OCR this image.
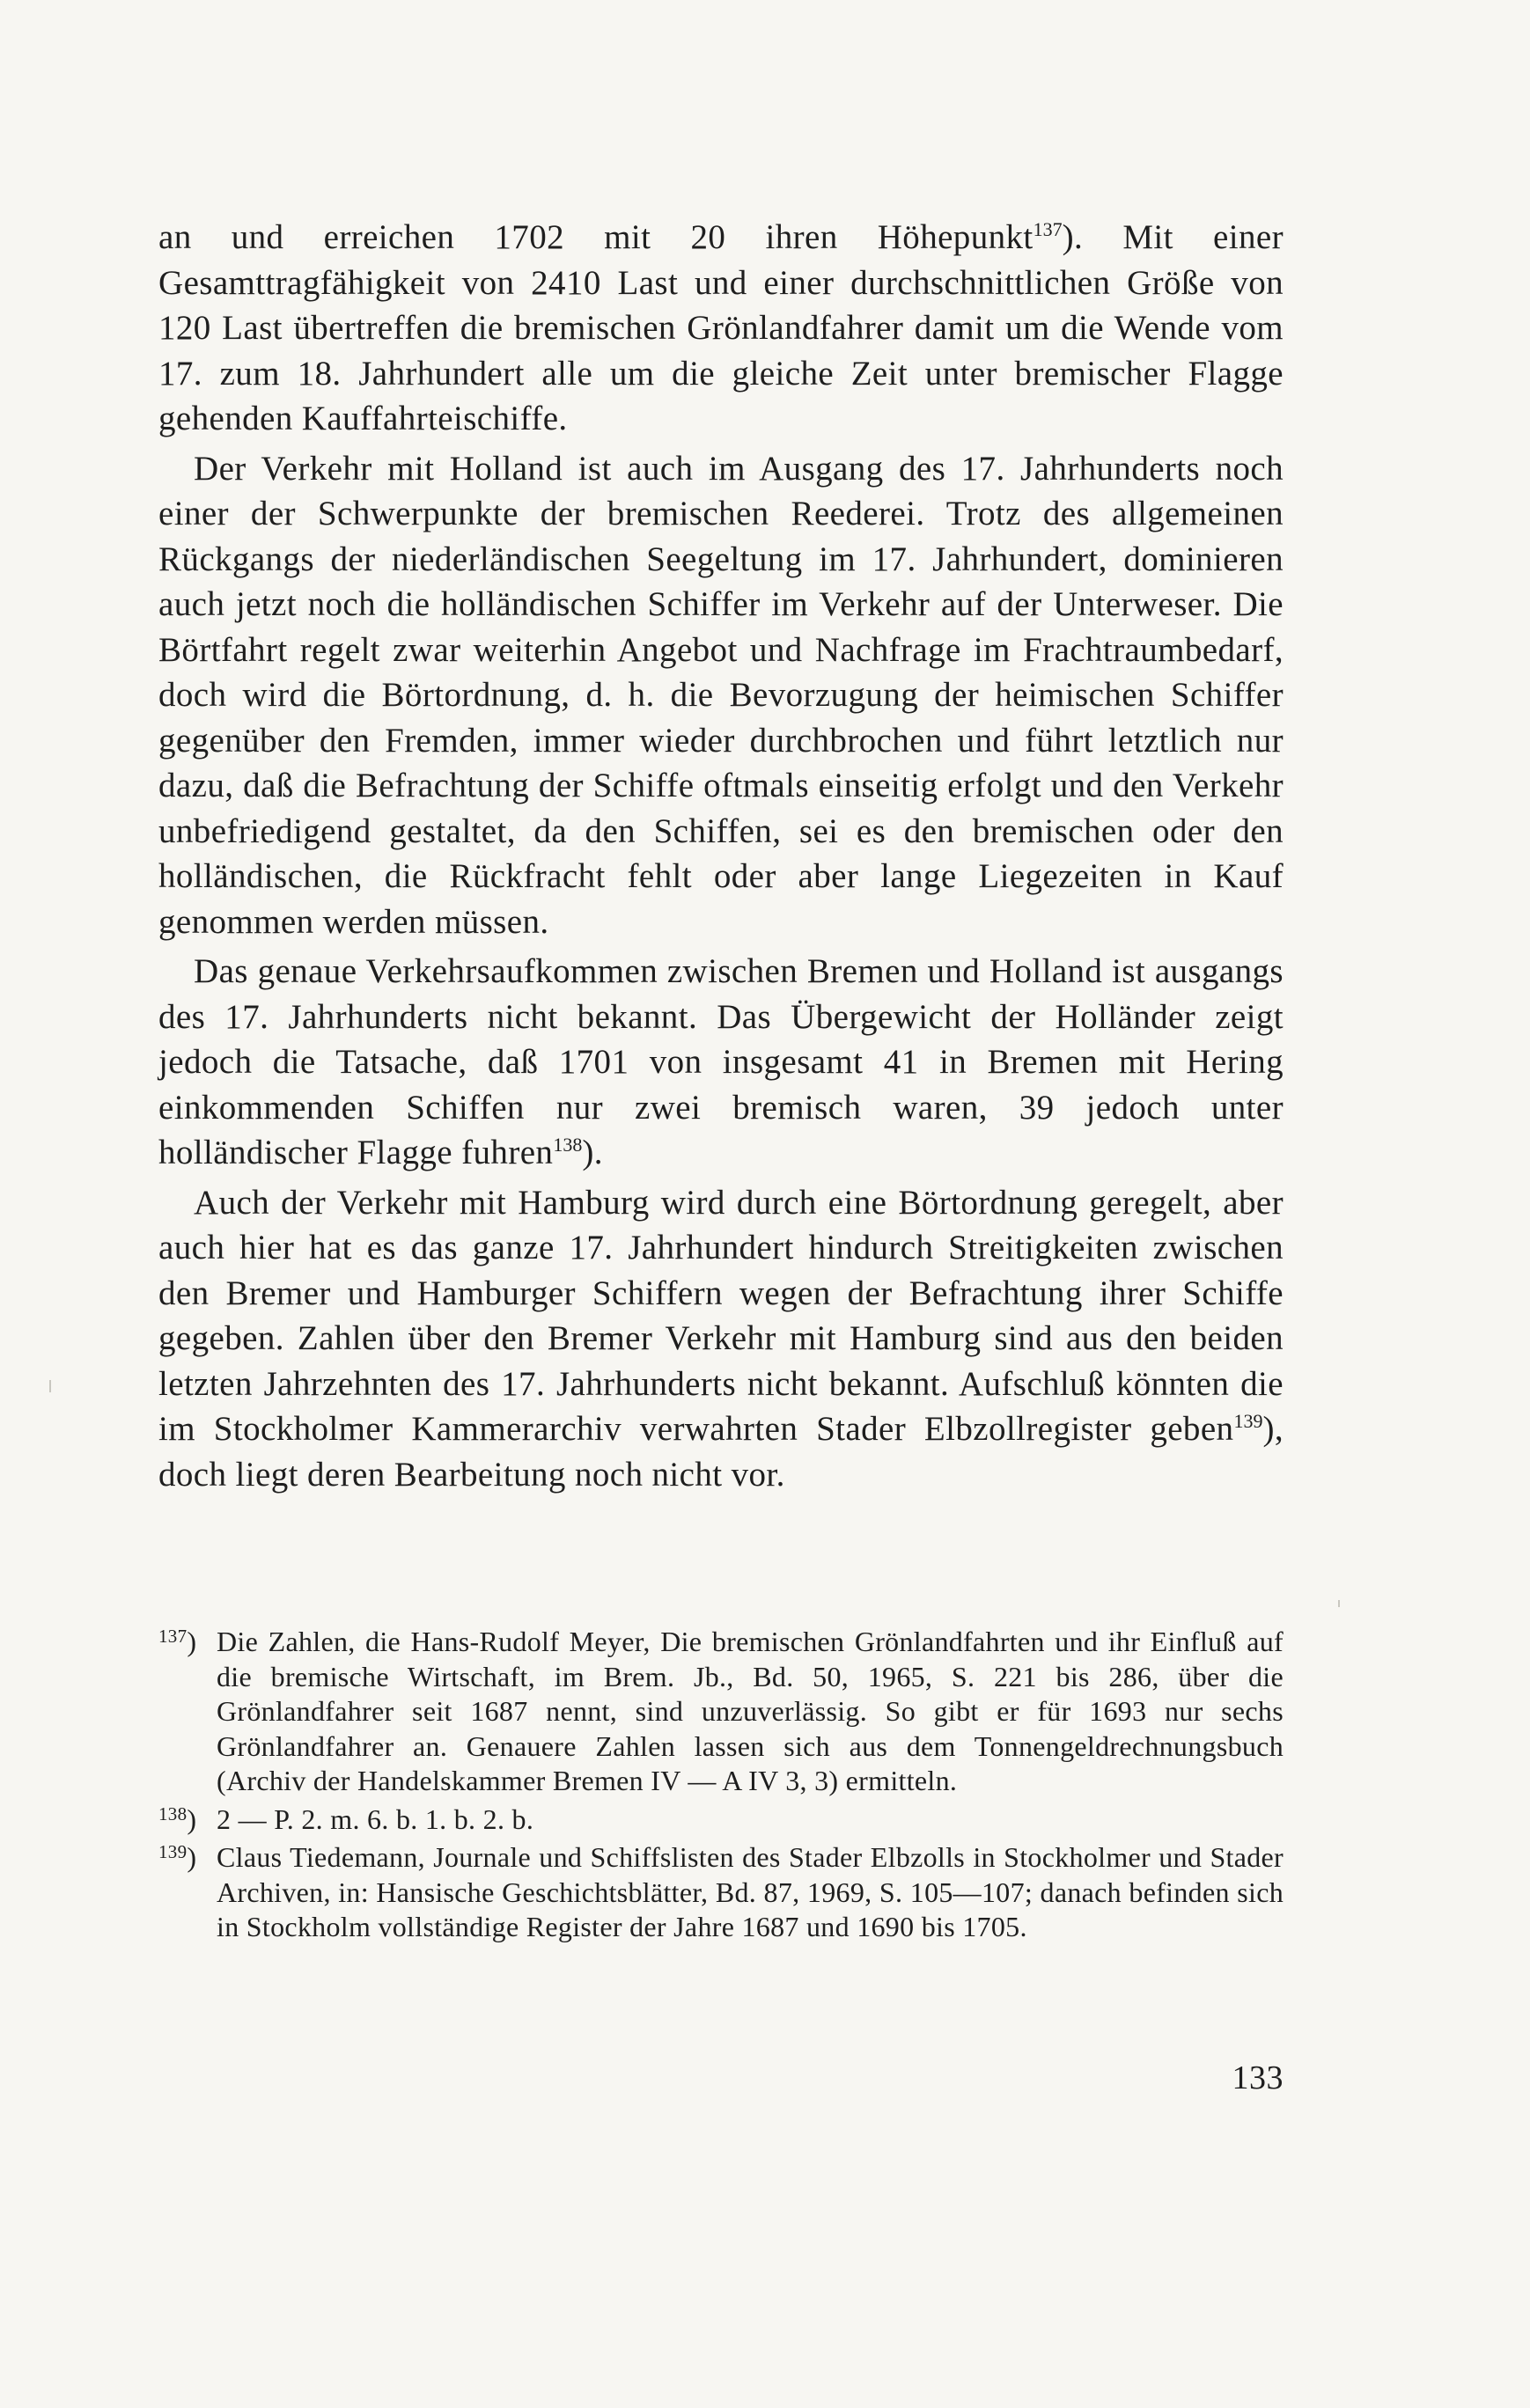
an und erreichen 1702 mit 20 ihren Höhepunkt$^{137}$). Mit einer Gesamttragfähigkeit von 2410 Last und einer durchschnittlichen Größe von 120 Last übertreffen die bremischen Grönlandfahrer damit um die Wende vom 17. zum 18. Jahrhundert alle um die gleiche Zeit unter bremischer Flagge gehenden Kauffahrteischiffe.

Der Verkehr mit Holland ist auch im Ausgang des 17. Jahrhunderts noch einer der Schwerpunkte der bremischen Reederei. Trotz des allgemeinen Rückgangs der niederländischen Seegeltung im 17. Jahrhundert, dominieren auch jetzt noch die holländischen Schiffer im Verkehr auf der Unterweser. Die Börtfahrt regelt zwar weiterhin Angebot und Nachfrage im Frachtraumbedarf, doch wird die Börtordnung, d. h. die Bevorzugung der heimischen Schiffer gegenüber den Fremden, immer wieder durchbrochen und führt letztlich nur dazu, daß die Befrachtung der Schiffe oftmals einseitig erfolgt und den Verkehr unbefriedigend gestaltet, da den Schiffen, sei es den bremischen oder den holländischen, die Rückfracht fehlt oder aber lange Liegezeiten in Kauf genommen werden müssen.

Das genaue Verkehrsaufkommen zwischen Bremen und Holland ist ausgangs des 17. Jahrhunderts nicht bekannt. Das Übergewicht der Holländer zeigt jedoch die Tatsache, daß 1701 von insgesamt 41 in Bremen mit Hering einkommenden Schiffen nur zwei bremisch waren, 39 jedoch unter holländischer Flagge fuhren$^{138}$).

Auch der Verkehr mit Hamburg wird durch eine Börtordnung geregelt, aber auch hier hat es das ganze 17. Jahrhundert hindurch Streitigkeiten zwischen den Bremer und Hamburger Schiffern wegen der Befrachtung ihrer Schiffe gegeben. Zahlen über den Bremer Verkehr mit Hamburg sind aus den beiden letzten Jahrzehnten des 17. Jahrhunderts nicht bekannt. Aufschluß könnten die im Stockholmer Kammerarchiv verwahrten Stader Elbzollregister geben$^{139}$), doch liegt deren Bearbeitung noch nicht vor.

$^{137}$) Die Zahlen, die Hans-Rudolf Meyer, Die bremischen Grönlandfahrten und ihr Einfluß auf die bremische Wirtschaft, im Brem. Jb., Bd. 50, 1965, S. 221 bis 286, über die Grönlandfahrer seit 1687 nennt, sind unzuverlässig. So gibt er für 1693 nur sechs Grönlandfahrer an. Genauere Zahlen lassen sich aus dem Tonnengeldrechnungsbuch (Archiv der Handelskammer Bremen IV — A IV 3, 3) ermitteln.

$^{138}$) 2 — P. 2. m. 6. b. 1. b. 2. b.

$^{139}$) Claus Tiedemann, Journale und Schiffslisten des Stader Elbzolls in Stockholmer und Stader Archiven, in: Hansische Geschichtsblätter, Bd. 87, 1969, S. 105—107; danach befinden sich in Stockholm vollständige Register der Jahre 1687 und 1690 bis 1705.

133
